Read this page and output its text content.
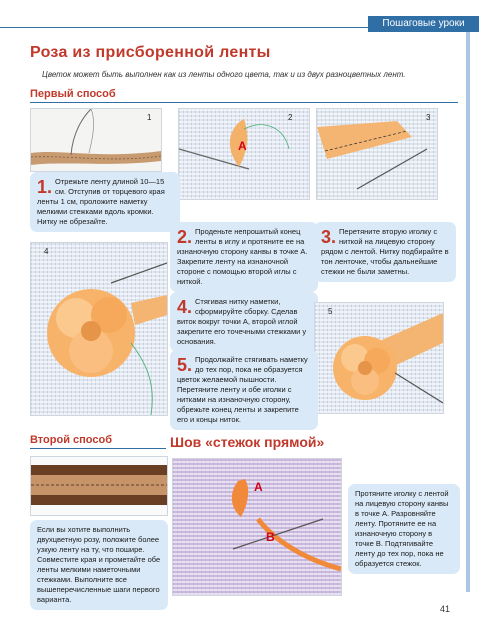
Пошаговые уроки
Роза из присборенной ленты
Цветок может быть выполнен как из ленты одного цвета, так и из двух разноцветных лент.
Первый способ
1	2
A
3
1. Отрежьте ленту длиной 10—15 см. Отступив от торцевого края ленты 1 см, проложите наметку мелкими стежками вдоль кромки. Нитку не обрезайте.
4
2. Проденьте непрошитый конец ленты в иглу и протяните ее на изнаночную сторону канвы в точке А. Закрепите ленту на изнаночной стороне с помощью второй иглы с ниткой.
3. Перетяните вторую иголку с ниткой на лицевую сторону рядом с лентой. Нитку подбирайте в тон ленточке, чтобы дальнейшие стежки не были заметны.
4. Стягивая нитку наметки, сформируйте сборку. Сделав виток вокруг точки А, второй иглой закрепите его точечными стежками у основания.
5
5. Продолжайте стягивать наметку до тех пор, пока не образуется цветок желаемой пышности. Перетяните ленту и обе иголки с нитками на изнаночную сторону, обрежьте конец ленты и закрепите его и концы ниток.
Второй способ
Если вы хотите выполнить двухцветную розу, положите более узкую ленту на ту, что пошире. Совместите края и прометайте обе ленты мелкими наметочными стежками. Выполните все вышеперечисленные шаги первого варианта.
Шов «стежок прямой»
A
B
Протяните иголку с лентой на лицевую сторону канвы в точке А. Разровняйте ленту. Протяните ее на изнаночную сторону в точке В. Подтягивайте ленту до тех пор, пока не образуется стежок.
41
